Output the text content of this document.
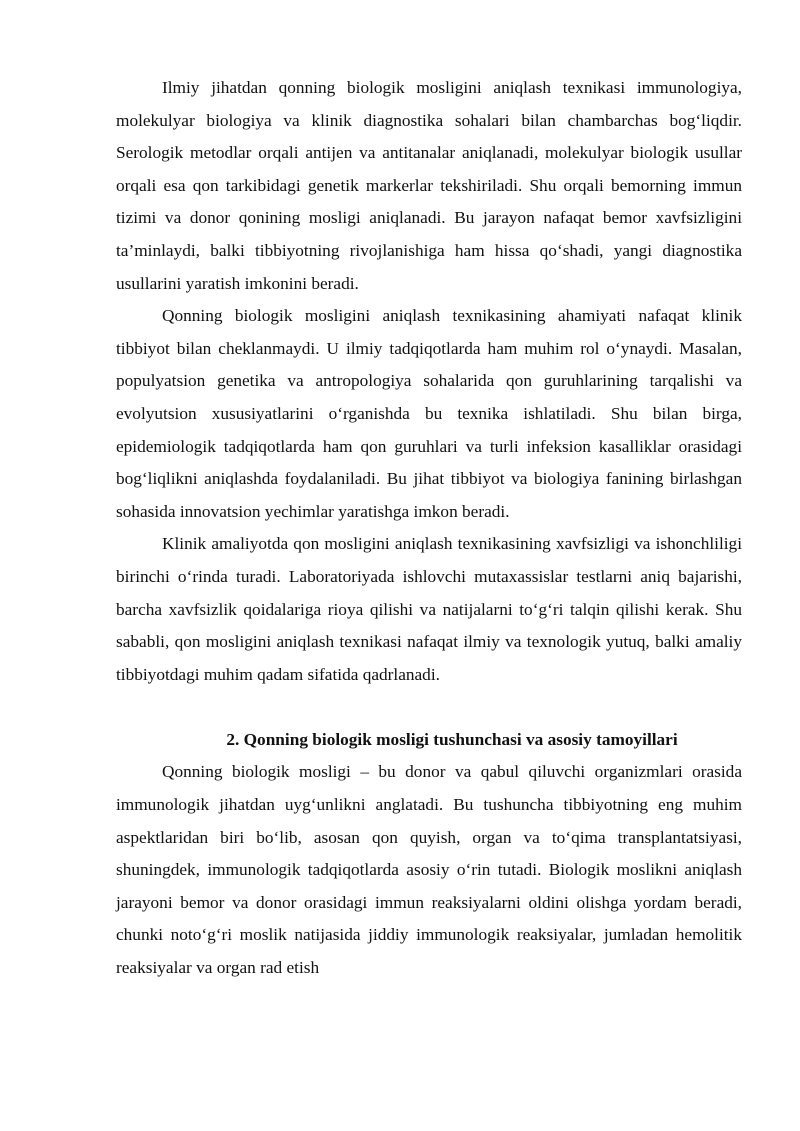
Ilmiy jihatdan qonning biologik mosligini aniqlash texnikasi immunologiya, molekulyar biologiya va klinik diagnostika sohalari bilan chambarchas bog‘liqdir. Serologik metodlar orqali antijen va antitanalar aniqlanadi, molekulyar biologik usullar orqali esa qon tarkibidagi genetik markerlar tekshiriladi. Shu orqali bemorning immun tizimi va donor qonining mosligi aniqlanadi. Bu jarayon nafaqat bemor xavfsizligini ta’minlaydi, balki tibbiyotning rivojlanishiga ham hissa qo‘shadi, yangi diagnostika usullarini yaratish imkonini beradi.

Qonning biologik mosligini aniqlash texnikasining ahamiyati nafaqat klinik tibbiyot bilan cheklanmaydi. U ilmiy tadqiqotlarda ham muhim rol o‘ynaydi. Masalan, populyatsion genetika va antropologiya sohalarida qon guruhlarining tarqalishi va evolyutsion xususiyatlarini o‘rganishda bu texnika ishlatiladi. Shu bilan birga, epidemiologik tadqiqotlarda ham qon guruhlari va turli infeksion kasalliklar orasidagi bog‘liqlikni aniqlashda foydalaniladi. Bu jihat tibbiyot va biologiya fanining birlashgan sohasida innovatsion yechimlar yaratishga imkon beradi.

Klinik amaliyotda qon mosligini aniqlash texnikasining xavfsizligi va ishonchliligi birinchi o‘rinda turadi. Laboratoriyada ishlovchi mutaxassislar testlarni aniq bajarishi, barcha xavfsizlik qoidalariga rioya qilishi va natijalarni to‘g‘ri talqin qilishi kerak. Shu sababli, qon mosligini aniqlash texnikasi nafaqat ilmiy va texnologik yutuq, balki amaliy tibbiyotdagi muhim qadam sifatida qadrlanadi.

2. Qonning biologik mosligi tushunchasi va asosiy tamoyillari

Qonning biologik mosligi – bu donor va qabul qiluvchi organizmlari orasida immunologik jihatdan uyg‘unlikni anglatadi. Bu tushuncha tibbiyotning eng muhim aspektlaridan biri bo‘lib, asosan qon quyish, organ va to‘qima transplantatsiyasi, shuningdek, immunologik tadqiqotlarda asosiy o‘rin tutadi. Biologik moslikni aniqlash jarayoni bemor va donor orasidagi immun reaksiyalarni oldini olishga yordam beradi, chunki noto‘g‘ri moslik natijasida jiddiy immunologik reaksiyalar, jumladan hemolitik reaksiyalar va organ rad etish
